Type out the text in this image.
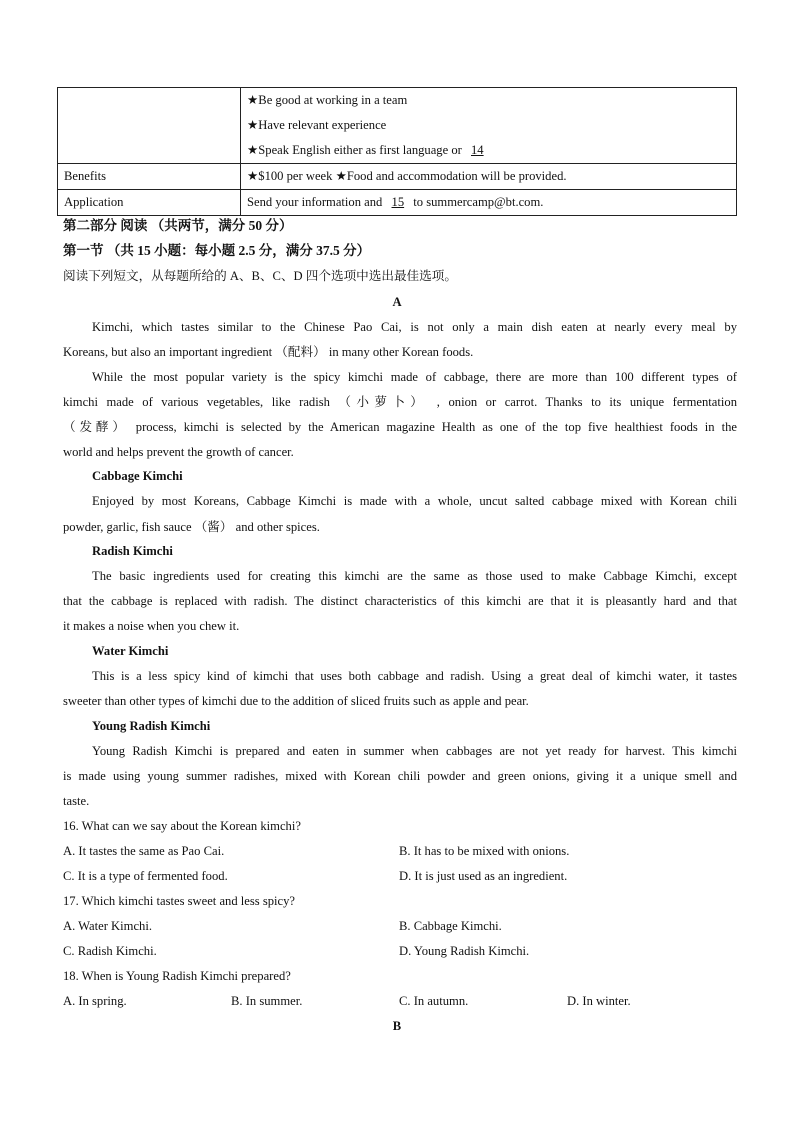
	★Be good at working in a team
★Have relevant experience
★Speak English either as first language or 14

Benefits	★$100 per week ★Food and accommodation will be provided.
Application	Send your information and 15 to summercamp@bt.com.
第二部分 阅读 （共两节，满分 50 分）
第一节 （共 15 小题：每小题 2.5 分，满分 37.5 分）
阅读下列短文，从每题所给的 A、B、C、D 四个选项中选出最佳选项。
A
Kimchi, which tastes similar to the Chinese Pao Cai, is not only a main dish eaten at nearly every meal by
Koreans, but also an important ingredient （配料） in many other Korean foods.
While the most popular variety is the spicy kimchi made of cabbage, there are more than 100 different types of
kimchi made of various vegetables, like radish （小萝卜） , onion or carrot. Thanks to its unique fermentation
（发酵） process, kimchi is selected by the American magazine Health as one of the top five healthiest foods in the
world and helps prevent the growth of cancer.
Cabbage Kimchi
Enjoyed by most Koreans, Cabbage Kimchi is made with a whole, uncut salted cabbage mixed with Korean chili
powder, garlic, fish sauce （酱） and other spices.
Radish Kimchi
The basic ingredients used for creating this kimchi are the same as those used to make Cabbage Kimchi, except
that the cabbage is replaced with radish. The distinct characteristics of this kimchi are that it is pleasantly hard and that
it makes a noise when you chew it.
Water Kimchi
This is a less spicy kind of kimchi that uses both cabbage and radish. Using a great deal of kimchi water, it tastes
sweeter than other types of kimchi due to the addition of sliced fruits such as apple and pear.
Young Radish Kimchi
Young Radish Kimchi is prepared and eaten in summer when cabbages are not yet ready for harvest. This kimchi
is made using young summer radishes, mixed with Korean chili powder and green onions, giving it a unique smell and
taste.
16. What can we say about the Korean kimchi?
A. It tastes the same as Pao Cai.	B. It has to be mixed with onions.
C. It is a type of fermented food.	D. It is just used as an ingredient.
17. Which kimchi tastes sweet and less spicy?
A. Water Kimchi.	B. Cabbage Kimchi.
C. Radish Kimchi.	D. Young Radish Kimchi.
18. When is Young Radish Kimchi prepared?
A. In spring.	B. In summer.	C. In autumn.	D. In winter.
B
